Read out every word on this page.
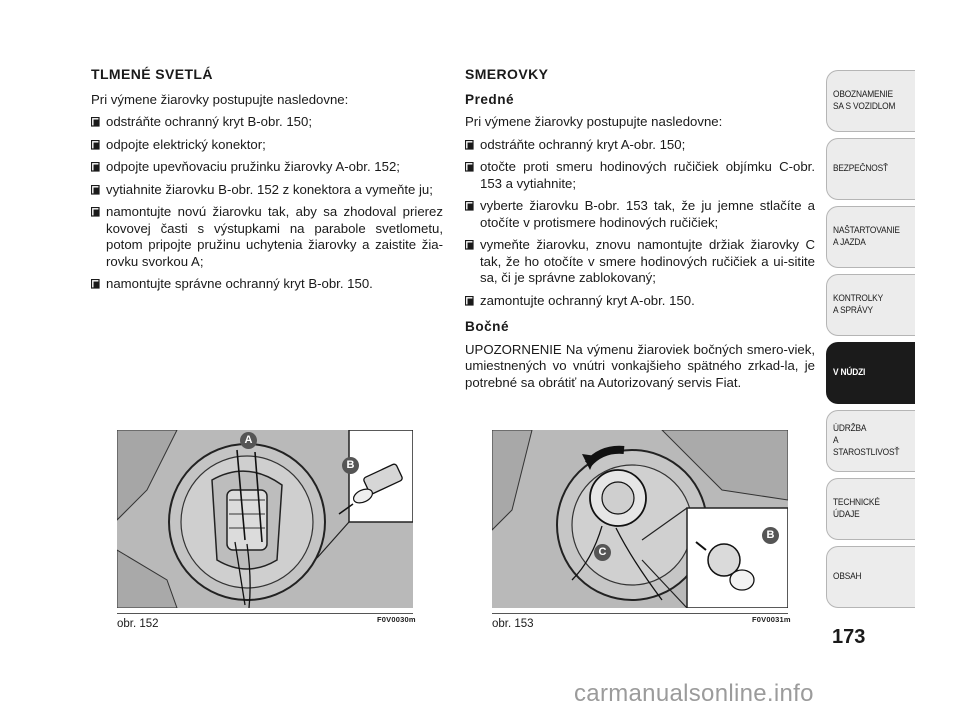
TLMENÉ SVETLÁ
Pri výmene žiarovky postupujte nasledovne:
odstráňte ochranný kryt B-obr. 150;
odpojte elektrický konektor;
odpojte upevňovaciu pružinku žiarovky A-obr. 152;
vytiahnite žiarovku B-obr. 152 z konektora a vymeňte ju;
namontujte novú žiarovku tak, aby sa zhodoval prierez kovovej časti s výstupkami na parabole svetlometu, potom pripojte pružinu uchytenia žiarovky a zaistite žia-rovku svorkou A;
namontujte správne ochranný kryt B-obr. 150.
SMEROVKY
Predné
Pri výmene žiarovky postupujte nasledovne:
odstráňte ochranný kryt A-obr. 150;
otočte proti smeru hodinových ručičiek objímku C-obr. 153 a vytiahnite;
vyberte žiarovku B-obr. 153 tak, že ju jemne stlačíte a otočíte v protismere hodinových ručičiek;
vymeňte žiarovku, znovu namontujte držiak žiarovky C tak, že ho otočíte v smere hodinových ručičiek a ui-sitite sa, či je správne zablokovaný;
zamontujte ochranný kryt A-obr. 150.
Bočné
UPOZORNENIE Na výmenu žiaroviek bočných smero-viek, umiestnených vo vnútri vonkajšieho spätného zrkad-la, je potrebné sa obrátiť na Autorizovaný servis Fiat.
A
B
obr. 152	F0V0030m
C
B
obr. 153	F0V0031m
OBOZNAMENIE
SA S VOZIDLOM
BEZPEČNOSŤ
NAŠTARTOVANIE
A JAZDA
KONTROLKY
A SPRÁVY
V NÚDZI
ÚDRŽBA
A STAROSTLIVOSŤ
TECHNICKÉ
ÚDAJE
OBSAH
173
carmanualsonline.info
